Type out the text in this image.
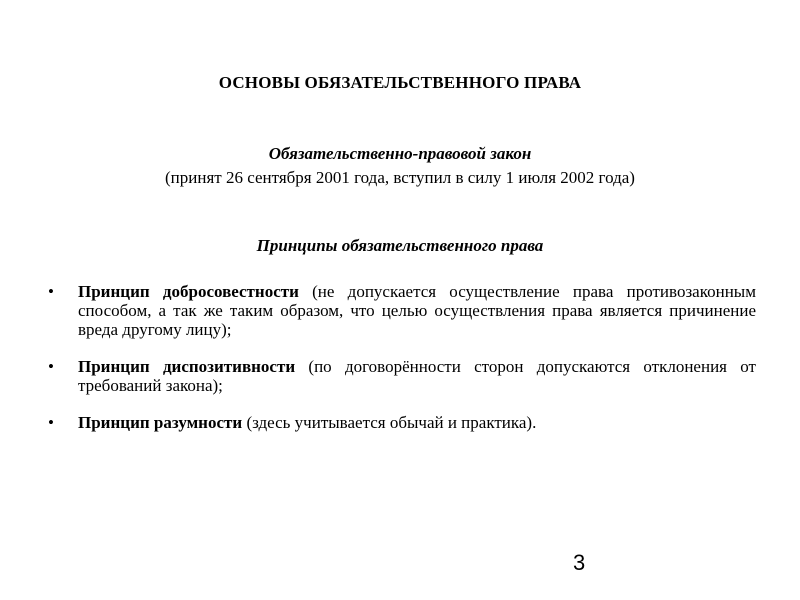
ОСНОВЫ ОБЯЗАТЕЛЬСТВЕННОГО ПРАВА
Обязательственно-правовой закон
(принят 26 сентября 2001 года, вступил в силу 1 июля 2002 года)
Принципы обязательственного права
•	Принцип добросовестности (не допускается осуществление права противозаконным способом, а так же таким образом, что целью осуществления права является причинение вреда другому лицу);
•	Принцип диспозитивности (по договорённости сторон допускаются отклонения от требований закона);
•	Принцип разумности (здесь учитывается обычай и практика).
3
